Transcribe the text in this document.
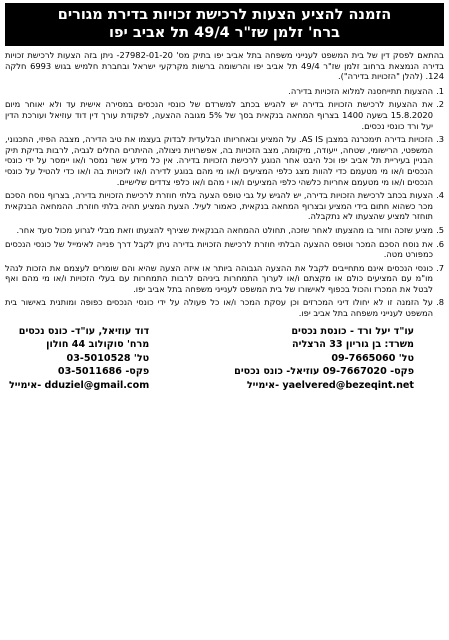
הזמנה להציע הצעות לרכישת זכויות בדירת מגורים
ברח' זלמן שז"ר 49/4 תל אביב יפו
בהתאם לפסק דין של בית המשפט לענייני משפחה בתל אביב יפו בתיק מס' 27982-01-20- ניתן בזה הצעות לרכישת זכויות בדירה הנמצאת ברחוב זלמן שז"ר 49/4 תל אביב יפו והרשומה ברשות מקרקעי ישראל ובחברת חלמיש בגוש 6993 חלקה 124. (להלן "הזכויות בדירה").
1.
ההצעות תתייחסנה למלוא הזכויות בדירה.
2.
את ההצעות לרכישת הזכויות בדירה יש להגיש בכתב למשרדם של כונסי הנכסים במסירה אישית עד ולא יאוחר מיום 15.8.2020 בשעה 1400 בצרוף המחאה בנקאית בסך של 5% מגובה ההצעה, לפקודת עורך דין דוד עוזיאל ועורכת הדין יעל ורד כונסי נכסים.
3.
הזכויות בדירה תימכרנה במצבן AS IS. על המציע ובאחריותו הבלעדית לבדוק בעצמו את טיב הדירה, מצבה הפיזי, התכנוני, המשפטי, הרישומי, שטחה, ייעודה, מיקומה, מצב הזכויות בה, אפשרויות ניצולה, ההיתרים החלים לגביה, לרבות בדיקת תיק הבניין בעיריית תל אביב יפו וכל היבט אחר הנוגע לרכישת הזכויות בדירה. אין כל מידע אשר נמסר ו/או יימסר על ידי כונסי הנכסים ו/או מי מטעמם כדי להוות מצג כלפי המציעים ו/או מי מהם בנוגע לדירה ו/או לזכויות בה ו/או כדי להטיל על כונסי הנכסים ו/או מי מטעמם אחריות כלשהי כלפי המציעים ו/או י מהם ו/או כלפי צדדים שלישיים.
4.
הצעות בכתב לרכישת הזכויות בדירה, יש להגיש על גבי טופס הצעה בלתי חוזרת לרכישת הזכויות בדירה, בצרוף נוסח הסכם מכר כשהוא חתום בידי המציע ובצרוף המחאה בנקאית, כאמור לעיל. הצעת המציע תהיה בלתי חוזרת. ההמחאה הבנקאית תוחזר למציע שהצעתו לא נתקבלה.
5.
מציע שזכה וחזר בו מהצעתו לאחר שזכה, תחולט ההמחאה הבנקאית שצירף להצעתו וזאת מבלי לגרוע מכול סעד אחר.
6.
את נוסח הסכם המכר וטופס ההצעה הבלתי חוזרת לרכישת הזכויות בדירה ניתן לקבל דרך פנייה לאימייל של כונסי הנכסים כמפורט מטה.
7.
כונסי הנכסים אינם מתחייבים לקבל את ההצעה הגבוהה ביותר או איזה הצעה שהיא והם שומרים לעצמם את הזכות לנהל מו"מ עם המציעים כולם או מקצתם ו/או לערוך התמחרות ביניהם לרבות התמחרות עם בעלי הזכויות ו/או מי מהם ואף לבטל את המכרז והכול בכפוף לאישורו של בית המשפט לענייני משפחה בתל אביב יפו.
8.
על הזמנה זו לא יחולו דיני המכרזים וכן עסקת המכר ו/או כל פעולה על ידי כונסי הנכסים כפופה ומותנית באישור בית המשפט לענייני משפחה בתל אביב יפו.
עו"ד יעל ורד - כונסת נכסים
משרד: בן גוריון 33 הרצליה
טל' 09-7665060
פקס- 09-7667020 עוזיאל- כונס נכסים
yaelvered@bezeqint.net -אימייל
דוד עוזיאל, עו"ד- כונס נכסים
מרח' סוקולוב 44 חולון
טל' 03-5010528
פקס- 03-5011686
dduziel@gmail.com -אימייל
